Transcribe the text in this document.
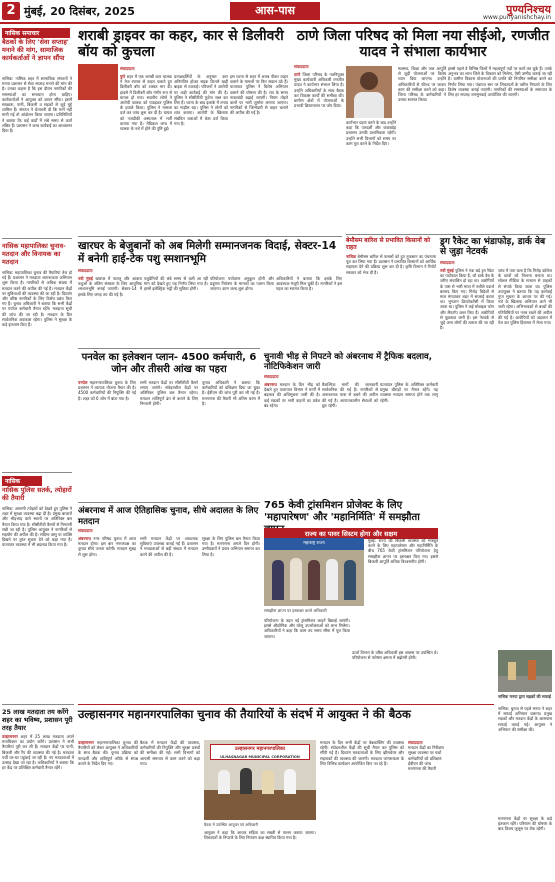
2 मुंबई, 20 दिसंबर, 2025	आस-पास	पुण्यनिश्चय
www.punyanishchay.in
नासिक समाचार
बैठकों के लिए 'सेवा सप्ताह' मनाने की मांग, सामाजिक कार्यकर्ताओं ने ज्ञापन सौंपा
नासिक: नासिक शहर में सामाजिक संगठनों ने मनपा प्रशासन से सेवा सप्ताह मनाने की मांग की है। उनका कहना है कि इस दौरान नागरिकों की समस्याओं का समाधान होना चाहिए। कार्यकर्ताओं ने आयुक्त को ज्ञापन सौंपा। इसमें स्वच्छता, पानी, बिजली व सड़कों से जुड़े मुद्दे शामिल हैं। संगठन ने चेतावनी दी कि मांगें नहीं मानी गईं तो आंदोलन किया जाएगा। प्रतिनिधियों ने बताया कि कई वार्डों में लंबे समय से कार्य लंबित हैं। प्रशासन ने जल्द कार्रवाई का आश्वासन दिया है।
नासिक महापालिका चुनाव-मतदान और विनायक का मतदान
नासिक: महापालिका चुनाव की तैयारियां तेज हो गई हैं। प्रशासन ने मतदाता जागरूकता अभियान शुरू किया है। नागरिकों से अधिक संख्या में मतदान करने की अपील की गई है। मतदान केंद्रों पर सुविधाओं की व्यवस्था की जा रही है। दिव्यांग और वरिष्ठ नागरिकों के लिए विशेष प्रबंध किए गए हैं। चुनाव अधिकारी ने बताया कि सभी केंद्रों पर पर्याप्त कर्मचारी तैनात रहेंगे। मतदाता सूची की जांच की जा रही है। मतदान के दिन सार्वजनिक अवकाश रहेगा। पुलिस ने सुरक्षा के कड़े इंतजाम किए हैं।
नासिक
नासिक पुलिस सतर्क, त्योहारों की तैयारी
नासिक: आगामी त्योहारों को देखते हुए पुलिस ने शहर में सुरक्षा व्यवस्था बढ़ा दी है। प्रमुख बाजारों और भीड़भाड़ वाले स्थानों पर अतिरिक्त बल तैनात किया गया है। सीसीटीवी कैमरों से निगरानी रखी जा रही है। पुलिस आयुक्त ने नागरिकों से सहयोग की अपील की है। संदिग्ध वस्तु या व्यक्ति दिखने पर तुरंत सूचना देने को कहा गया है। यातायात व्यवस्था में भी बदलाव किया गया है।
शराबी ड्राइवर का कहर, कार से डिलीवरी बॉय को कुचला
संवाददाता
पुणे शहर में एक शराबी कार चालक ने तेज रफ्तार से वाहन चलाते हुए डिलीवरी बॉय को टक्कर मार दी। हादसे में डिलीवरी बॉय गंभीर रूप से घायल हो गया। स्थानीय लोगों ने आरोपी चालक को पकड़कर पुलिस के हवाले किया। पुलिस ने मामला दर्ज कर जांच शुरू कर दी है। घायल को नजदीकी अस्पताल में भर्ती कराया गया है। मेडिकल जांच में चालक के नशे में होने की पुष्टि हुई।
प्रत्यक्षदर्शियों के अनुसार कार अनियंत्रित होकर सड़क किनारे खड़ी बाइक से टकराई। परिजनों ने आरोपी पर कड़ी कार्रवाई की मांग की है। पुलिस ने सीसीटीवी फुटेज जब्त कर लिए हैं। घटना के बाद इलाके में तनाव का माहौल रहा। पुलिस ने लोगों को शांत कराया। आरोपी के खिलाफ संबंधित धाराओं में केस दर्ज किया गया है।
इस घटना से शहर में शराब पीकर वाहन चलाने के मामलों पर फिर सवाल उठे हैं। यातायात पुलिस ने विशेष अभियान चलाने की घोषणा की है। रात के समय नाकाबंदी बढ़ाई जाएगी। नियम तोड़ने वालों पर भारी जुर्माना लगाया जाएगा। नागरिकों से जिम्मेदारी से वाहन चलाने की अपील की गई है।
ठाणे जिला परिषद को मिला नया सीईओ, रणजीत यादव ने संभाला कार्यभार
संवाददाता
ठाणे जिला परिषद के नवनियुक्त मुख्य कार्यकारी अधिकारी रणजीत यादव ने कार्यभार संभाल लिया है। उन्होंने अधिकारियों के साथ बैठक कर विकास कार्यों की समीक्षा की। ग्रामीण क्षेत्रों में योजनाओं के प्रभावी क्रियान्वयन पर जोर दिया।
कार्यभार ग्रहण करने के बाद उन्होंने कहा कि पारदर्शी और जवाबदेह प्रशासन उनकी प्राथमिकता रहेगी। उन्होंने सभी विभागों को समय पर काम पूरा करने के निर्देश दिए।
स्वास्थ्य, शिक्षा और जल आपूर्ति से जुड़ी योजनाओं पर विशेष ध्यान दिया जाएगा। उन्होंने अधिकारियों से फील्ड पर जाकर काम की समीक्षा करने को कहा। जिला परिषद के कर्मचारियों ने उनका स्वागत किया।
इससे पहले वे विभिन्न जिलों में महत्वपूर्ण पदों पर कार्य कर चुके हैं। उनके अनुभव का लाभ जिले के विकास को मिलेगा, ऐसी उम्मीद जताई जा रही है। ग्रामीण विकास योजनाओं की प्रगति की नियमित समीक्षा करने का निर्णय लिया गया। पंचायत स्तर पर शिकायतों के त्वरित निपटारे के लिए विशेष व्यवस्था बनाई जाएगी। नागरिकों की समस्याओं के समाधान के लिए हर सप्ताह जनसुनवाई आयोजित की जाएगी।
बेमौसम बारिश से प्रभावित किसानों को राहत
नासिक बेमौसम बारिश से फसलों को हुए नुकसान का पंचनामा पूरा कर लिया गया है। प्रशासन ने प्रभावित किसानों को आर्थिक सहायता देने की प्रक्रिया शुरू कर दी है। कृषि विभाग ने रिपोर्ट सरकार को भेज दी है।
ड्रग रैकेट का भंडाफोड़, डार्क वेब से जुड़ा नेटवर्क
संवाददाता
नवी मुंबई पुलिस ने एक बड़े ड्रग रैकेट का पर्दाफाश किया है, जो डार्क वेब के जरिए संचालित हो रहा था। आरोपियों के पास से भारी मात्रा में नशीले पदार्थ बरामद किए गए। गिरोह विदेशों से माल मंगवाकर शहर में सप्लाई करता था। भुगतान क्रिप्टोकरेंसी में किया जाता था। पुलिस ने कई मोबाइल फोन और लैपटॉप जब्त किए हैं। आरोपियों से पूछताछ जारी है। इस नेटवर्क से जुड़े अन्य लोगों की तलाश की जा रही है।
जांच में पता चला है कि गिरोह कॉलेज के छात्रों को निशाना बनाता था। सोशल मीडिया के माध्यम से ग्राहकों से संपर्क किया जाता था। पुलिस उपायुक्त ने बताया कि यह कार्रवाई गुप्त सूचना के आधार पर की गई। नशे के खिलाफ अभियान आगे भी जारी रहेगा। अभिभावकों से बच्चों की गतिविधियों पर नजर रखने की अपील की गई है। आरोपियों को अदालत में पेश कर पुलिस हिरासत में भेजा गया।
खारघर के बेजुबानों को अब मिलेगी सम्मानजनक विदाई, सेक्टर-14 में बनेगी हाई-टेक पशु स्मशानभूमि
संवाददाता
नवी मुंबई खारघर में पालतू और आवारा पशुओं के अंतिम संस्कार के लिए आधुनिक श्मशानभूमि बनाई जाएगी। सेक्टर-14 में इसके लिए जगह तय की गई है।
पशुप्रेमियों की लंबे समय से चली आ रही मांग को देखते हुए यह निर्णय लिया गया है। इसमें इलेक्ट्रिक भट्टी की सुविधा होगी।
परियोजना पर्यावरण अनुकूल होगी और प्रदूषण नियंत्रण के मानकों का पालन किया जाएगा। काम जल्द शुरू होगा।
अधिकारियों ने बताया कि इसके लिए आवश्यक मंजूरी मिल चुकी है। नागरिकों ने इस पहल का स्वागत किया है।
पनवेल का इलेक्शन प्लान- 4500 कर्मचारी, 6 जोन और तीसरी आंख का पहरा
पनवेल महानगरपालिका चुनाव के लिए प्रशासन ने व्यापक योजना तैयार की है। 4500 कर्मचारियों की नियुक्ति की गई है। शहर को 6 जोन में बांटा गया है।
सभी मतदान केंद्रों पर सीसीटीवी कैमरे लगाए जाएंगे। संवेदनशील केंद्रों पर अतिरिक्त पुलिस बल तैनात रहेगा। मतदान शांतिपूर्ण ढंग से कराने के लिए निगरानी होगी।
चुनाव अधिकारी ने बताया कि कर्मचारियों को प्रशिक्षण दिया जा चुका है। ईवीएम की जांच पूरी कर ली गई है। मतगणना की तैयारी भी अंतिम चरण में है।
चुनावी भीड़ से निपटने को अंबरनाथ में ट्रैफिक बदलाव, नोटिफिकेशन जारी
संवाददाता
अंबरनाथ मतदान के दिन भीड़ को देखते हुए यातायात विभाग ने मार्गों में बदलाव की अधिसूचना जारी की है। कई सड़कों पर भारी वाहनों का प्रवेश बंद रहेगा।
वैकल्पिक मार्गों की जानकारी सार्वजनिक की गई है। नागरिकों से अनावश्यक यात्रा से बचने की अपील की गई है। आपातकालीन सेवाओं को छूट रहेगी।
यातायात पुलिस के अतिरिक्त कर्मचारी प्रमुख चौराहों पर तैनात रहेंगे। यह व्यवस्था मतदान समाप्त होने तक लागू रहेगी।
नासिक मनपा द्वारा सड़कों की सफाई
नासिक: चुनाव से पहले मनपा ने शहर में सफाई अभियान चलाया। प्रमुख सड़कों और मतदान केंद्रों के आसपास सफाई कराई गई। आयुक्त ने अभियान की समीक्षा की।
अंबरनाथ में आज ऐतिहासिक चुनाव, सीधे अदालत के लिए मतदान
संवाददाता
अंबरनाथ नगर परिषद चुनाव में आज मतदान होगा। इस बार नगराध्यक्ष का चुनाव सीधे जनता करेगी। मतदान सुबह से शुरू होगा।
सभी मतदान केंद्रों पर आवश्यक सुविधाएं उपलब्ध कराई गई हैं। प्रशासन ने मतदाताओं से बड़ी संख्या में मतदान करने की अपील की है।
सुरक्षा के लिए पुलिस बल तैनात किया गया है। मतगणना अगले दिन होगी। उम्मीदवारों ने प्रचार अभियान समाप्त कर लिया है।
765 केवी ट्रांसमिशन प्रोजेक्ट के लिए 'महापारेषण' और 'महानिर्मिति' में समझौता
राज्य का पावर सिस्टम होगा और सक्षम
महाराष्ट्र राज्य
समझौता ज्ञापन पर हस्ताक्षर करते अधिकारी
मुंबई: राज्य की बिजली व्यवस्था को मजबूत करने के लिए महापारेषण और महानिर्मिति के बीच 765 केवी ट्रांसमिशन परियोजना हेतु समझौता ज्ञापन पर हस्ताक्षर किए गए। इससे बिजली आपूर्ति अधिक विश्वसनीय होगी।
परियोजना के तहत नई ट्रांसमिशन लाइनें बिछाई जाएंगी। इससे औद्योगिक और घरेलू उपभोक्ताओं को लाभ मिलेगा। अधिकारियों ने कहा कि काम तय समय सीमा में पूरा किया जाएगा।
ऊर्जा विभाग के वरिष्ठ अधिकारी इस अवसर पर उपस्थित थे। परियोजना से पारेषण क्षमता में बढ़ोतरी होगी।
25 लाख मतदाता तय करेंगे शहर का भविष्य, प्रशासन पूरी तरह तैयार
उल्हासनगर शहर में 25 लाख मतदाता अपने मताधिकार का प्रयोग करेंगे। प्रशासन ने सभी तैयारियां पूरी कर ली हैं। मतदान केंद्रों पर पानी, बिजली और रैंप की व्यवस्था की गई है। मतदाता पर्ची घर-घर पहुंचाई जा रही है। नए मतदाताओं में उत्साह देखा जा रहा है। अधिकारियों ने बताया कि हर केंद्र पर प्रशिक्षित कर्मचारी तैनात रहेंगे।
उल्हासनगर महानगरपालिका चुनाव की तैयारियों के संदर्भ में आयुक्त ने की बैठक
उल्हासनगर महानगरपालिका चुनाव की तैयारियों को लेकर आयुक्त ने अधिकारियों के साथ बैठक की। चुनाव प्रक्रिया को पारदर्शी और शांतिपूर्ण तरीके से संपन्न कराने के निर्देश दिए गए।
बैठक में मतदान केंद्रों की व्यवस्था, कर्मचारियों की नियुक्ति और सुरक्षा प्रबंधों की समीक्षा की गई। सभी विभागों को आपसी समन्वय से काम करने को कहा गया।
उल्हासनगर महानगरपालिका
ULHASNAGAR MUNICIPAL CORPORATION
बैठक में उपस्थित आयुक्त एवं अधिकारी
आयुक्त ने कहा कि आचार संहिता का सख्ती से पालन कराया जाएगा। शिकायतों के निपटारे के लिए नियंत्रण कक्ष स्थापित किया गया है।
मतदान के दिन सभी केंद्रों पर वेबकास्टिंग की व्यवस्था रहेगी। संवेदनशील केंद्रों की सूची तैयार कर पुलिस को सौंपी गई है। दिव्यांग मतदाताओं के लिए व्हीलचेयर और सहायकों की व्यवस्था की जाएगी। मतदाता जागरूकता के लिए विभिन्न कार्यक्रम आयोजित किए जा रहे हैं।
संवाददाता
मतदान केंद्रों का निरीक्षण
सुरक्षा व्यवस्था पर चर्चा
कर्मचारियों को प्रशिक्षण
ईवीएम की जांच
मतगणना की तैयारी
मतगणना केंद्रों पर सुरक्षा के कड़े इंतजाम रहेंगे। परिणाम की घोषणा के बाद विजय जुलूस पर रोक रहेगी।
